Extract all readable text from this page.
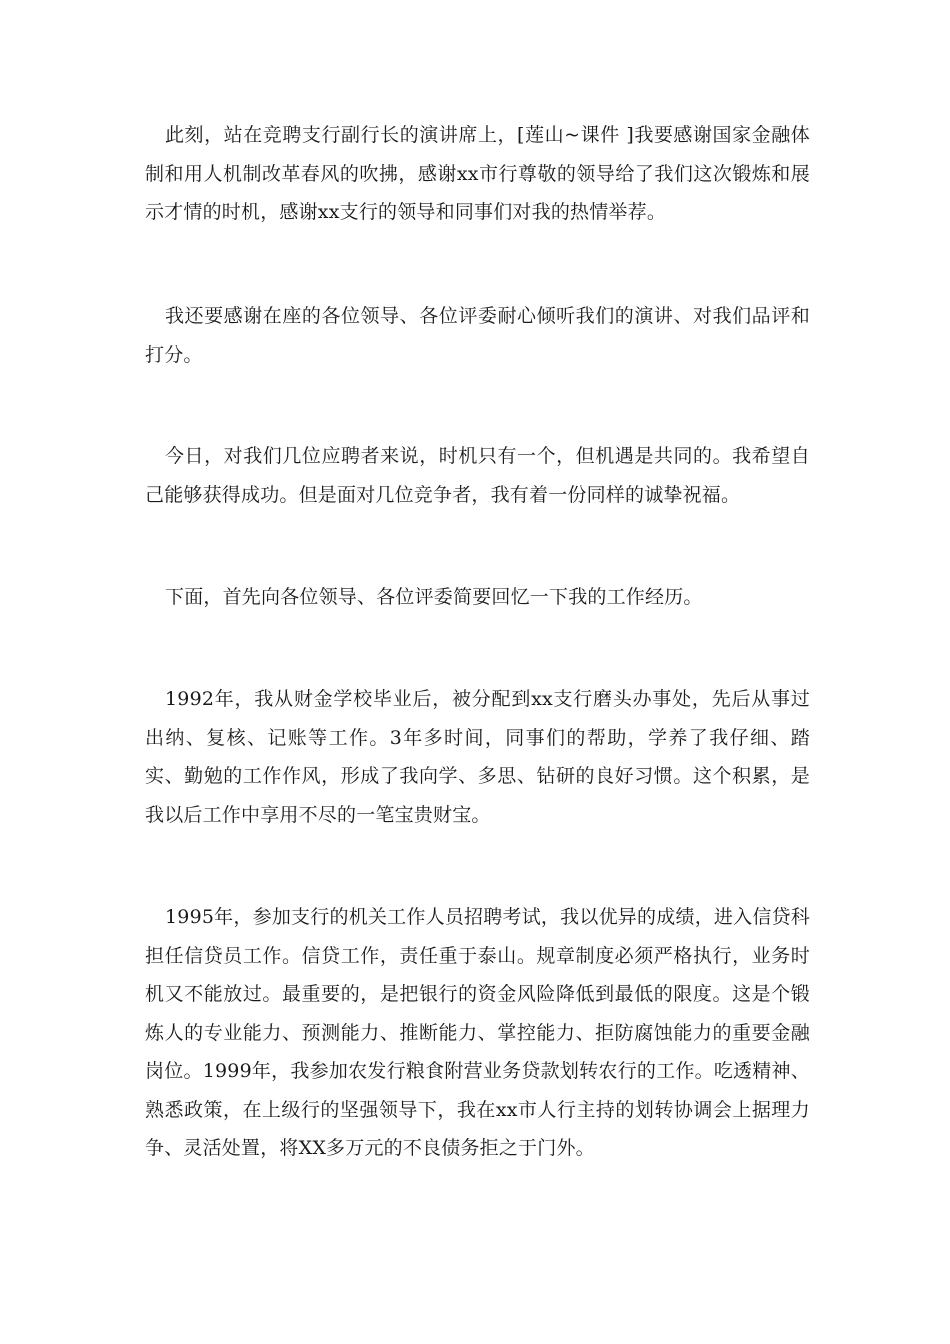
此刻，站在竞聘支行副行长的演讲席上，[莲山~课件 ]我要感谢国家金融体制和用人机制改革春风的吹拂，感谢xx市行尊敬的领导给了我们这次锻炼和展示才情的时机，感谢xx支行的领导和同事们对我的热情举荐。

我还要感谢在座的各位领导、各位评委耐心倾听我们的演讲、对我们品评和打分。

今日，对我们几位应聘者来说，时机只有一个，但机遇是共同的。我希望自己能够获得成功。但是面对几位竞争者，我有着一份同样的诚挚祝福。

下面，首先向各位领导、各位评委简要回忆一下我的工作经历。

1992年，我从财金学校毕业后，被分配到xx支行磨头办事处，先后从事过出纳、复核、记账等工作。3年多时间，同事们的帮助，学养了我仔细、踏实、勤勉的工作作风，形成了我向学、多思、钻研的良好习惯。这个积累，是我以后工作中享用不尽的一笔宝贵财宝。

1995年，参加支行的机关工作人员招聘考试，我以优异的成绩，进入信贷科担任信贷员工作。信贷工作，责任重于泰山。规章制度必须严格执行，业务时机又不能放过。最重要的，是把银行的资金风险降低到最低的限度。这是个锻炼人的专业能力、预测能力、推断能力、掌控能力、拒防腐蚀能力的重要金融岗位。1999年，我参加农发行粮食附营业务贷款划转农行的工作。吃透精神、熟悉政策，在上级行的坚强领导下，我在xx市人行主持的划转协调会上据理力争、灵活处置，将XX多万元的不良债务拒之于门外。
